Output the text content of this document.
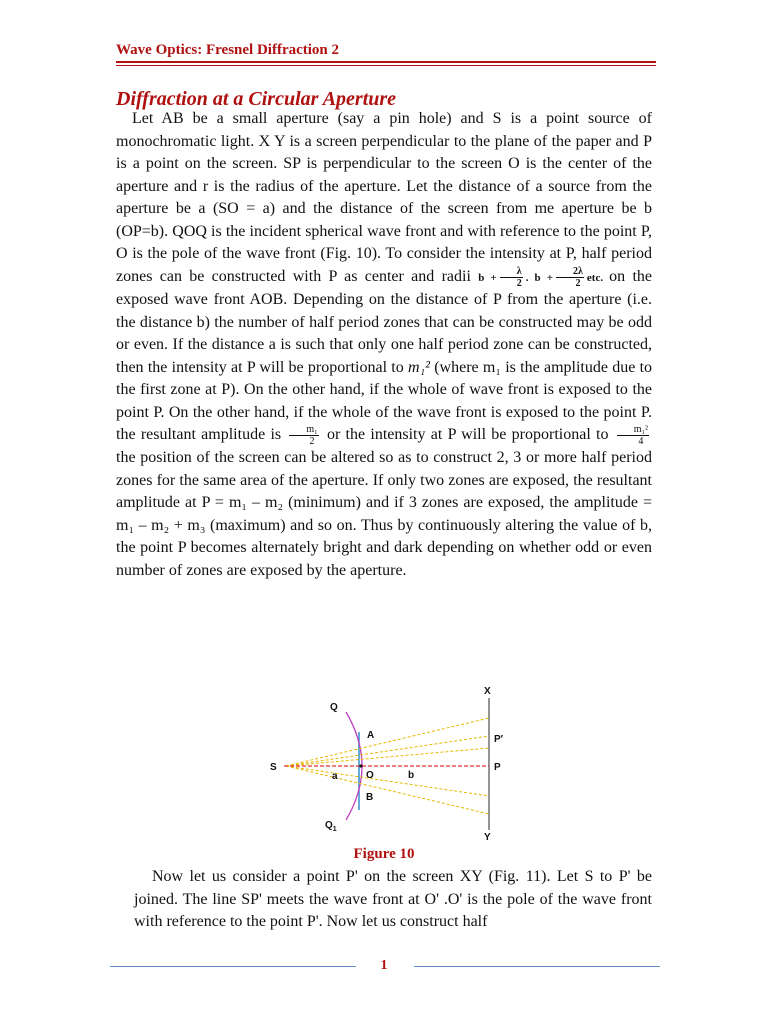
Wave Optics: Fresnel Diffraction 2
Diffraction at a Circular Aperture

Let AB be a small aperture (say a pin hole) and S is a point source of monochromatic light. X Y is a screen perpendicular to the plane of the paper and P is a point on the screen. SP is perpendicular to the screen O is the center of the aperture and r is the radius of the aperture. Let the distance of a source from the aperture be a (SO = a) and the distance of the screen from me aperture be b (OP=b). QOQ is the incident spherical wave front and with reference to the point P, O is the pole of the wave front (Fig. 10). To consider the intensity at P, half period zones can be constructed with P as center and radii $b + \frac{\lambda}{2}$ . $b + \frac{2\lambda}{2}$ etc. on the exposed wave front AOB. Depending on the distance of P from the aperture (i.e. the distance b) the number of half period zones that can be constructed may be odd or even. If the distance a is such that only one half period zone can be constructed, then the intensity at P will be proportional to m₁² (where m₁ is the amplitude due to the first zone at P). On the other hand, if the whole of wave front is exposed to the point P. On the other hand, if the whole of the wave front is exposed to the point P. the resultant amplitude is $\frac{\text{m₁}}{2}$ or the intensity at P will be proportional to $\frac{\text{m₁²}}{4}$
the position of the screen can be altered so as to construct 2, 3 or more half period zones for the same area of the aperture. If only two zones are exposed, the resultant amplitude at P = m₁ – m₂ (minimum) and if 3 zones are exposed, the amplitude = m₁ – m₂ + m₃ (maximum) and so on. Thus by continuously altering the value of b, the point P becomes alternately bright and dark depending on whether odd or even number of zones are exposed by the aperture.

S
Q
$Q_1$
A
B
O
a	b
X
Y
P
P′
Figure 10

Now let us consider a point P' on the screen XY (Fig. 11). Let S to P' be joined. The line SP' meets the wave front at O' .O' is the pole of the wave front with reference to the point P'. Now let us construct half

1
